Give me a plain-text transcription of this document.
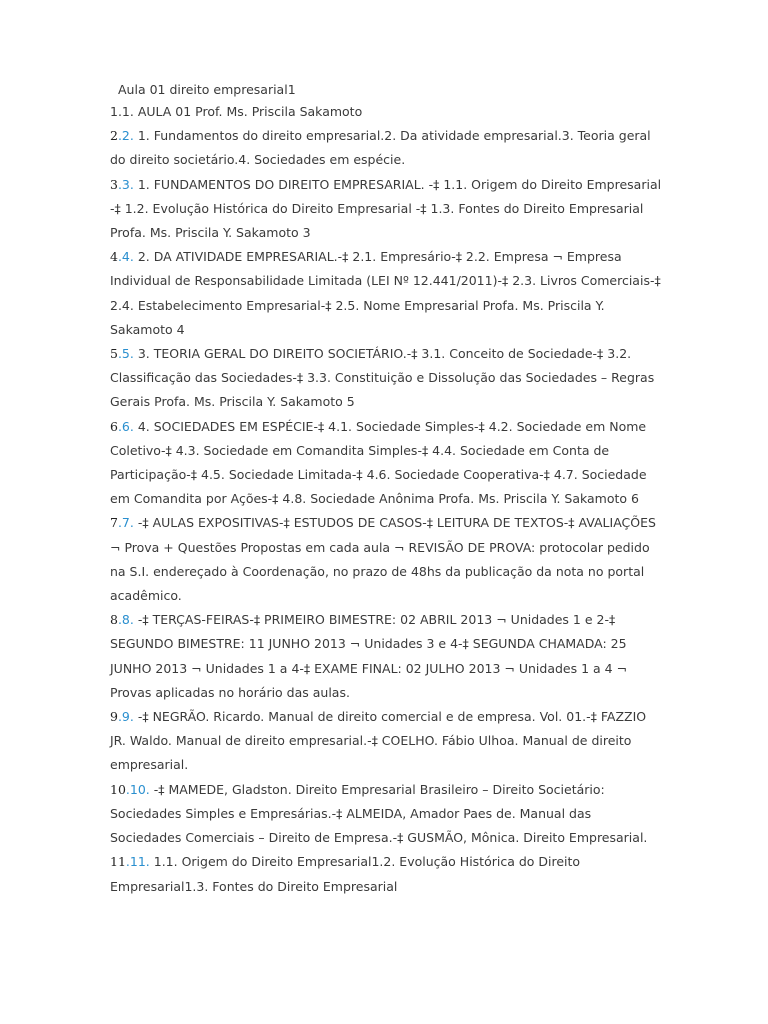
Aula 01 direito empresarial1
1.1. AULA 01 Prof. Ms. Priscila Sakamoto
2.2. 1. Fundamentos do direito empresarial.2. Da atividade empresarial.3. Teoria geral do direito societário.4. Sociedades em espécie.
3.3. 1. FUNDAMENTOS DO DIREITO EMPRESARIAL. ‐‡ 1.1. Origem do Direito Empresarial ‐‡ 1.2. Evolução Histórica do Direito Empresarial ‐‡ 1.3. Fontes do Direito Empresarial Profa. Ms. Priscila Y. Sakamoto 3
4.4. 2. DA ATIVIDADE EMPRESARIAL.‐‡ 2.1. Empresário‐‡ 2.2. Empresa ¬ Empresa Individual de Responsabilidade Limitada (LEI Nº 12.441/2011)‐‡ 2.3. Livros Comerciais‐‡ 2.4. Estabelecimento Empresarial‐‡ 2.5. Nome Empresarial Profa. Ms. Priscila Y. Sakamoto 4
5.5. 3. TEORIA GERAL DO DIREITO SOCIETÁRIO.‐‡ 3.1. Conceito de Sociedade‐‡ 3.2. Classificação das Sociedades‐‡ 3.3. Constituição e Dissolução das Sociedades – Regras Gerais Profa. Ms. Priscila Y. Sakamoto 5
6.6. 4. SOCIEDADES EM ESPÉCIE‐‡ 4.1. Sociedade Simples‐‡ 4.2. Sociedade em Nome Coletivo‐‡ 4.3. Sociedade em Comandita Simples‐‡ 4.4. Sociedade em Conta de Participação‐‡ 4.5. Sociedade Limitada‐‡ 4.6. Sociedade Cooperativa‐‡ 4.7. Sociedade em Comandita por Ações‐‡ 4.8. Sociedade Anônima Profa. Ms. Priscila Y. Sakamoto 6
7.7. ‐‡ AULAS EXPOSITIVAS‐‡ ESTUDOS DE CASOS‐‡ LEITURA DE TEXTOS‐‡ AVALIAÇÕES ¬ Prova + Questões Propostas em cada aula ¬ REVISÃO DE PROVA: protocolar pedido na S.I. endereçado à Coordenação, no prazo de 48hs da publicação da nota no portal acadêmico.
8.8. ‐‡ TERÇAS-FEIRAS‐‡ PRIMEIRO BIMESTRE: 02 ABRIL 2013 ¬ Unidades 1 e 2‐‡ SEGUNDO BIMESTRE: 11 JUNHO 2013 ¬ Unidades 3 e 4‐‡ SEGUNDA CHAMADA: 25 JUNHO 2013 ¬ Unidades 1 a 4‐‡ EXAME FINAL: 02 JULHO 2013 ¬ Unidades 1 a 4 ¬ Provas aplicadas no horário das aulas.
9.9. ‐‡ NEGRÃO. Ricardo. Manual de direito comercial e de empresa. Vol. 01.‐‡ FAZZIO JR. Waldo. Manual de direito empresarial.‐‡ COELHO. Fábio Ulhoa. Manual de direito empresarial.
10.10. ‐‡ MAMEDE, Gladston. Direito Empresarial Brasileiro – Direito Societário: Sociedades Simples e Empresárias.‐‡ ALMEIDA, Amador Paes de. Manual das Sociedades Comerciais – Direito de Empresa.‐‡ GUSMÃO, Mônica. Direito Empresarial.
11.11. 1.1. Origem do Direito Empresarial1.2. Evolução Histórica do Direito Empresarial1.3. Fontes do Direito Empresarial
